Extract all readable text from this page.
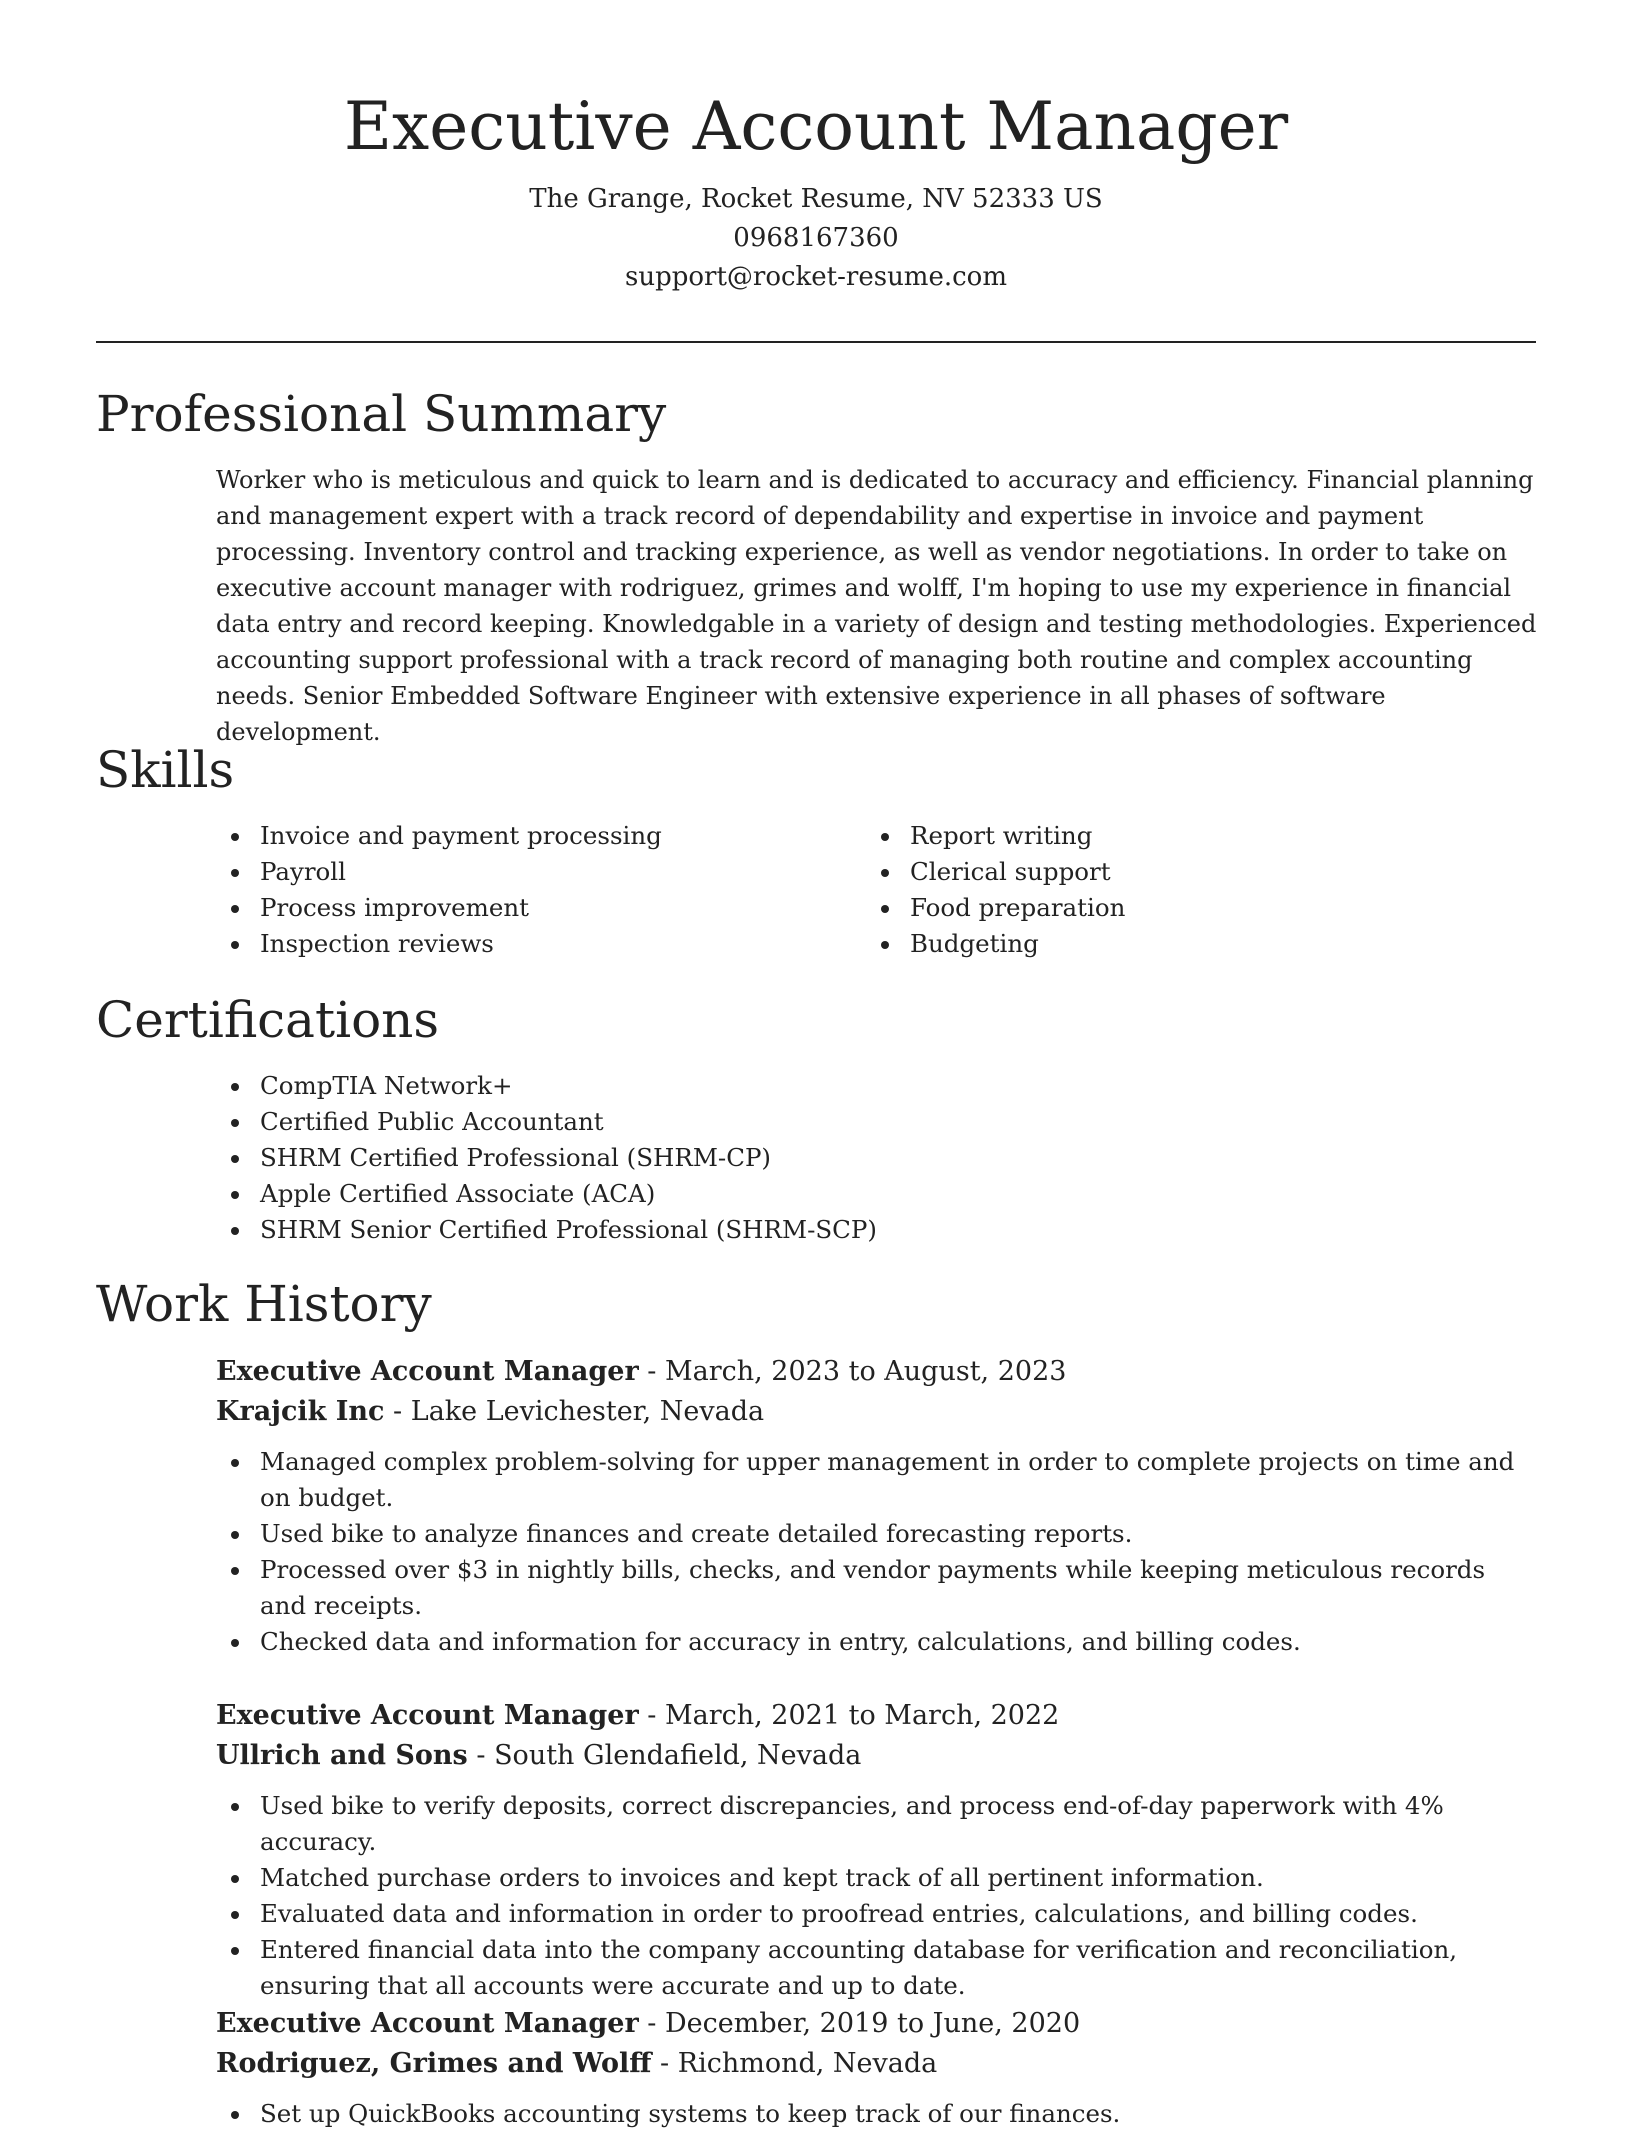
Executive Account Manager
The Grange, Rocket Resume, NV 52333 US
0968167360
support@rocket-resume.com
Professional Summary

Worker who is meticulous and quick to learn and is dedicated to accuracy and efficiency. Financial planning and management expert with a track record of dependability and expertise in invoice and payment processing. Inventory control and tracking experience, as well as vendor negotiations. In order to take on executive account manager with rodriguez, grimes and wolff, I'm hoping to use my experience in financial data entry and record keeping. Knowledgable in a variety of design and testing methodologies. Experienced accounting support professional with a track record of managing both routine and complex accounting needs. Senior Embedded Software Engineer with extensive experience in all phases of software development.

Skills
Invoice and payment processing
Payroll
Process improvement
Inspection reviews
Report writing
Clerical support
Food preparation
Budgeting
Certifications
CompTIA Network+
Certified Public Accountant
SHRM Certified Professional (SHRM-CP)
Apple Certified Associate (ACA)
SHRM Senior Certified Professional (SHRM-SCP)
Work History
Executive Account Manager - March, 2023 to August, 2023
Krajcik Inc - Lake Levichester, Nevada
Managed complex problem-solving for upper management in order to complete projects on time and on budget.
Used bike to analyze finances and create detailed forecasting reports.
Processed over $3 in nightly bills, checks, and vendor payments while keeping meticulous records and receipts.
Checked data and information for accuracy in entry, calculations, and billing codes.
Executive Account Manager - March, 2021 to March, 2022
Ullrich and Sons - South Glendafield, Nevada
Used bike to verify deposits, correct discrepancies, and process end-of-day paperwork with 4% accuracy.
Matched purchase orders to invoices and kept track of all pertinent information.
Evaluated data and information in order to proofread entries, calculations, and billing codes.
Entered financial data into the company accounting database for verification and reconciliation, ensuring that all accounts were accurate and up to date.
Executive Account Manager - December, 2019 to June, 2020
Rodriguez, Grimes and Wolff - Richmond, Nevada
Set up QuickBooks accounting systems to keep track of our finances.
